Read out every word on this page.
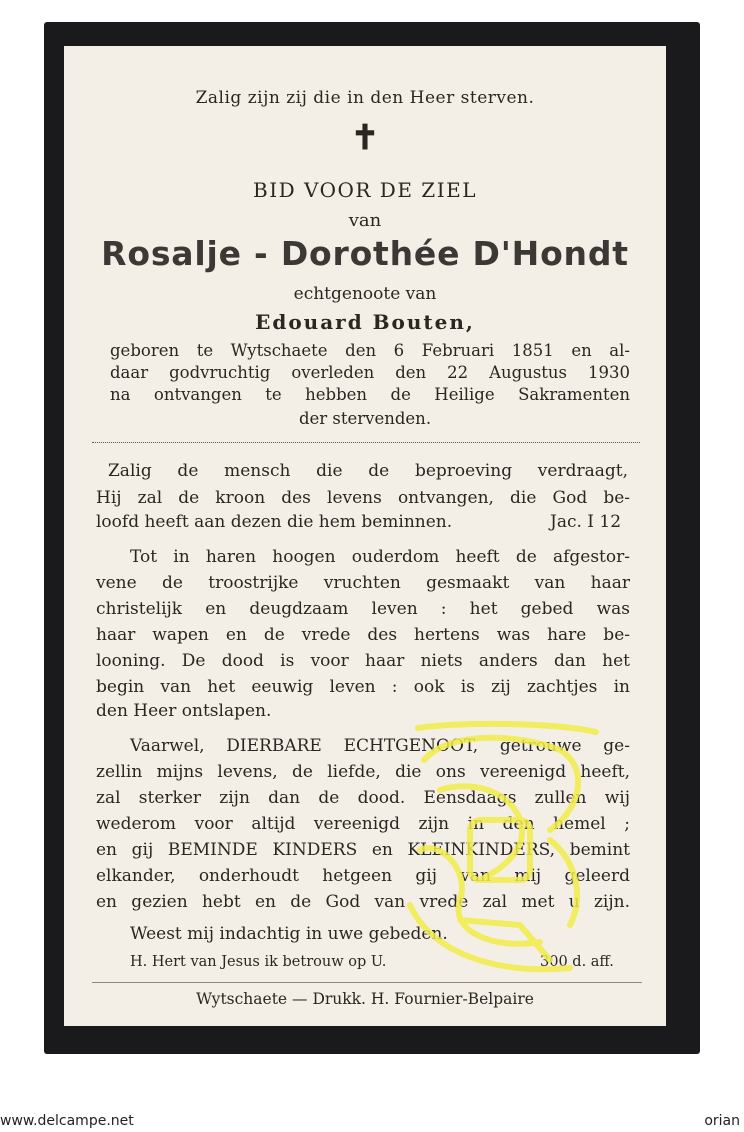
Zalig zijn zij die in den Heer sterven.
✝
BID VOOR DE ZIEL
van
Rosalje - Dorothée D'Hondt
echtgenoote van
Edouard Bouten,
geboren te Wytschaete den 6 Februari 1851 en al-
daar godvruchtig overleden den 22 Augustus 1930
na ontvangen te hebben de Heilige Sakramenten
der stervenden.
Zalig de mensch die de beproeving verdraagt,
Hij zal de kroon des levens ontvangen, die God be-
loofd heeft aan dezen die hem beminnen.	Jac. I 12
Tot in haren hoogen ouderdom heeft de afgestor-
vene de troostrijke vruchten gesmaakt van haar
christelijk en deugdzaam leven : het gebed was
haar wapen en de vrede des hertens was hare be-
looning. De dood is voor haar niets anders dan het
begin van het eeuwig leven : ook is zij zachtjes in
den Heer ontslapen.
Vaarwel, DIERBARE ECHTGENOOT, getrouwe ge-
zellin mijns levens, de liefde, die ons vereenigd heeft,
zal sterker zijn dan de dood. Eensdaags zullen wij
wederom voor altijd vereenigd zijn in den hemel ;
en gij BEMINDE KINDERS en KLEINKINDERS, bemint
elkander, onderhoudt hetgeen gij van mij geleerd
en gezien hebt en de God van vrede zal met u zijn.
Weest mij indachtig in uwe gebeden.
H. Hert van Jesus ik betrouw op U.	300 d. aff.
Wytschaete — Drukk. H. Fournier-Belpaire
www.delcampe.net	orian
